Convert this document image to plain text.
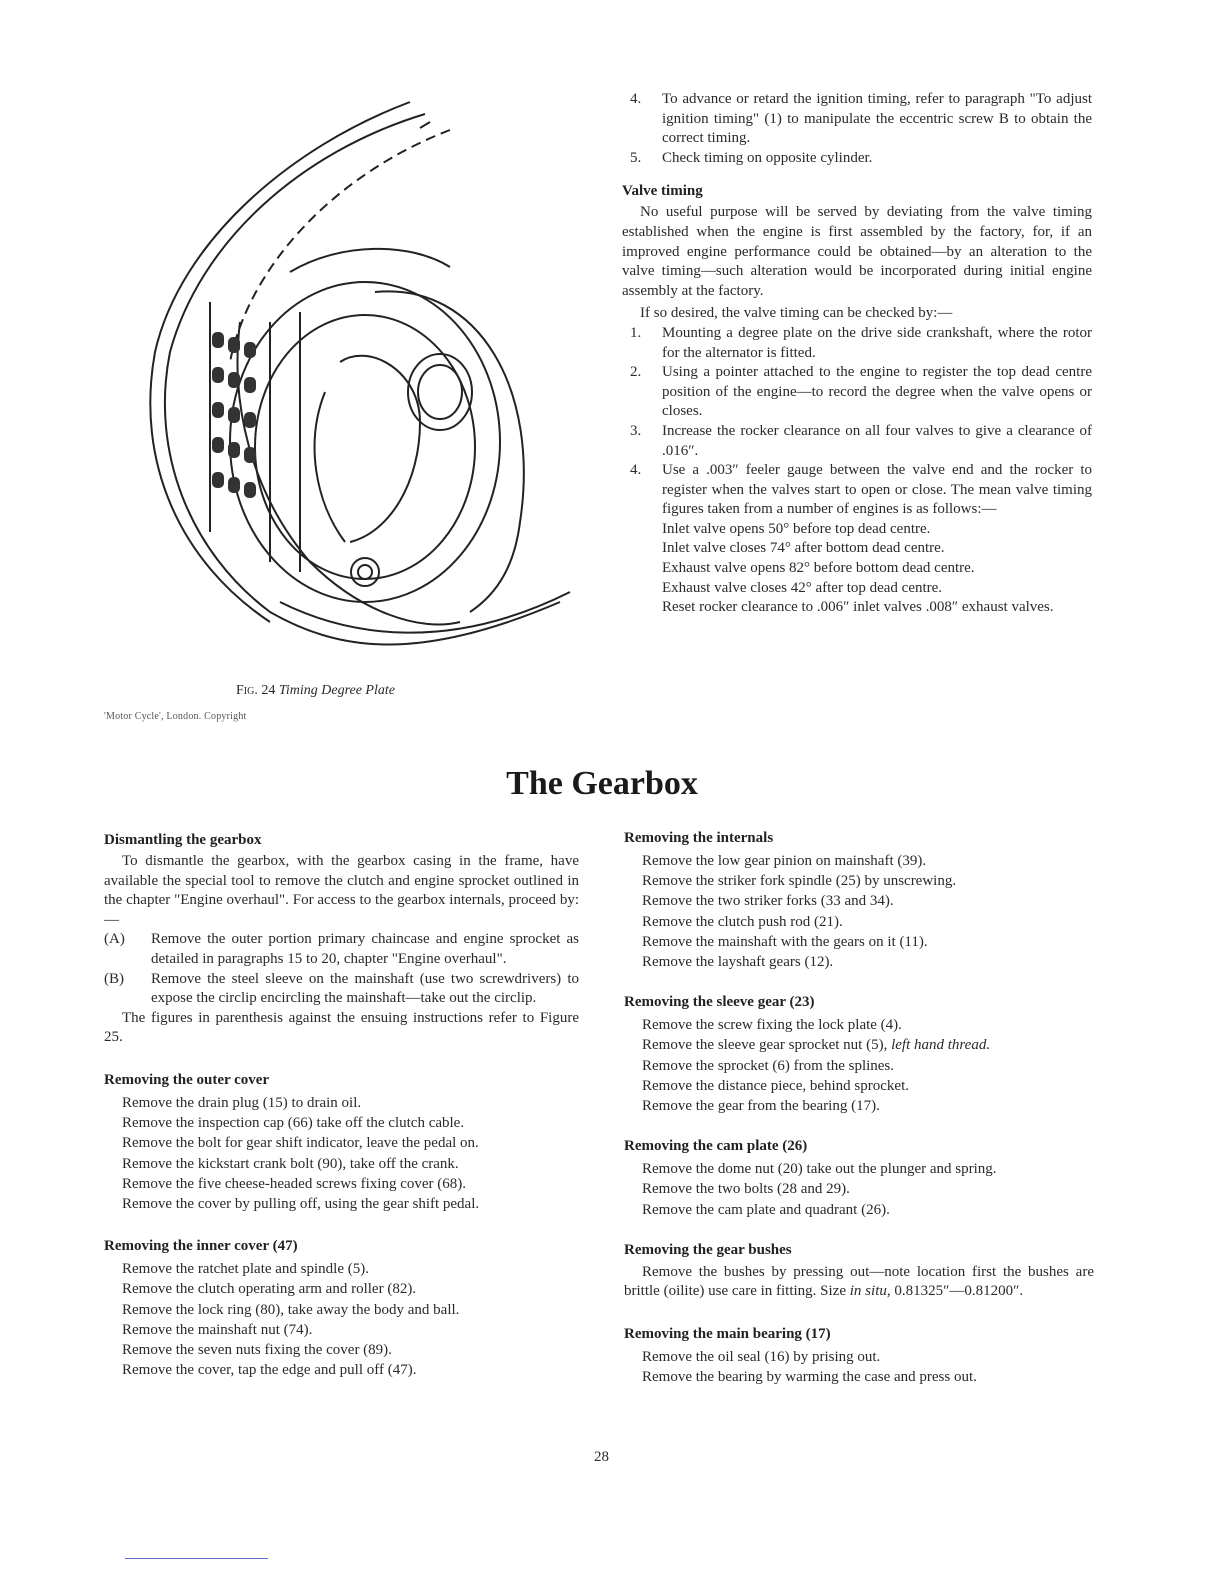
Fig. 24 Timing Degree Plate
'Motor Cycle', London. Copyright
4. To advance or retard the ignition timing, refer to paragraph "To adjust ignition timing" (1) to manipulate the eccentric screw B to obtain the correct timing.
5. Check timing on opposite cylinder.

Valve timing

No useful purpose will be served by deviating from the valve timing established when the engine is first assembled by the factory, for, if an improved engine performance could be obtained—by an alteration to the valve timing—such alteration would be incorporated during initial engine assembly at the factory.

If so desired, the valve timing can be checked by:—

1. Mounting a degree plate on the drive side crankshaft, where the rotor for the alternator is fitted.
2. Using a pointer attached to the engine to register the top dead centre position of the engine—to record the degree when the valve opens or closes.
3. Increase the rocker clearance on all four valves to give a clearance of .016″.
4. Use a .003″ feeler gauge between the valve end and the rocker to register when the valves start to open or close. The mean valve timing figures taken from a number of engines is as follows:—

Inlet valve opens 50° before top dead centre.

Inlet valve closes 74° after bottom dead centre.

Exhaust valve opens 82° before bottom dead centre.

Exhaust valve closes 42° after top dead centre.

Reset rocker clearance to .006″ inlet valves .008″ exhaust valves.

The Gearbox

Dismantling the gearbox

To dismantle the gearbox, with the gearbox casing in the frame, have available the special tool to remove the clutch and engine sprocket outlined in the chapter "Engine overhaul". For access to the gearbox internals, proceed by:—

(A) Remove the outer portion primary chaincase and engine sprocket as detailed in paragraphs 15 to 20, chapter "Engine overhaul".
(B) Remove the steel sleeve on the mainshaft (use two screwdrivers) to expose the circlip encircling the mainshaft—take out the circlip.

The figures in parenthesis against the ensuing instructions refer to Figure 25.

Removing the outer cover

Remove the drain plug (15) to drain oil.

Remove the inspection cap (66) take off the clutch cable.

Remove the bolt for gear shift indicator, leave the pedal on.

Remove the kickstart crank bolt (90), take off the crank.

Remove the five cheese-headed screws fixing cover (68).

Remove the cover by pulling off, using the gear shift pedal.

Removing the inner cover (47)

Remove the ratchet plate and spindle (5).

Remove the clutch operating arm and roller (82).

Remove the lock ring (80), take away the body and ball.

Remove the mainshaft nut (74).

Remove the seven nuts fixing the cover (89).

Remove the cover, tap the edge and pull off (47).

Removing the internals

Remove the low gear pinion on mainshaft (39).

Remove the striker fork spindle (25) by unscrewing.

Remove the two striker forks (33 and 34).

Remove the clutch push rod (21).

Remove the mainshaft with the gears on it (11).

Remove the layshaft gears (12).

Removing the sleeve gear (23)

Remove the screw fixing the lock plate (4).

Remove the sleeve gear sprocket nut (5), left hand thread.

Remove the sprocket (6) from the splines.

Remove the distance piece, behind sprocket.

Remove the gear from the bearing (17).

Removing the cam plate (26)

Remove the dome nut (20) take out the plunger and spring.

Remove the two bolts (28 and 29).

Remove the cam plate and quadrant (26).

Removing the gear bushes

Remove the bushes by pressing out—note location first the bushes are brittle (oilite) use care in fitting. Size in situ, 0.81325″—0.81200″.

Removing the main bearing (17)

Remove the oil seal (16) by prising out.

Remove the bearing by warming the case and press out.

28
